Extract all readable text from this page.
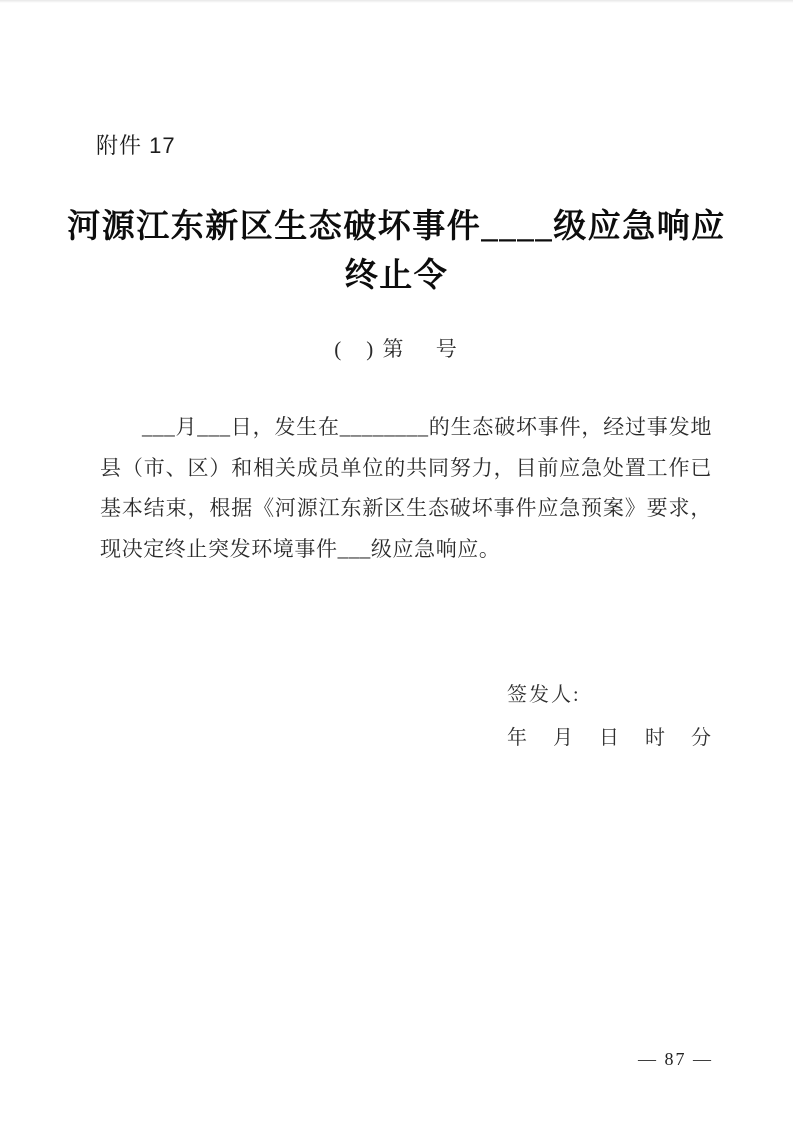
附件 17
河源江东新区生态破坏事件____级应急响应
终止令
(　) 第　 号
___月___日，发生在________的生态破坏事件，经过事发地县（市、区）和相关成员单位的共同努力，目前应急处置工作已基本结束，根据《河源江东新区生态破坏事件应急预案》要求，现决定终止突发环境事件___级应急响应。
签发人:
年　月　日　时　分
— 87 —
